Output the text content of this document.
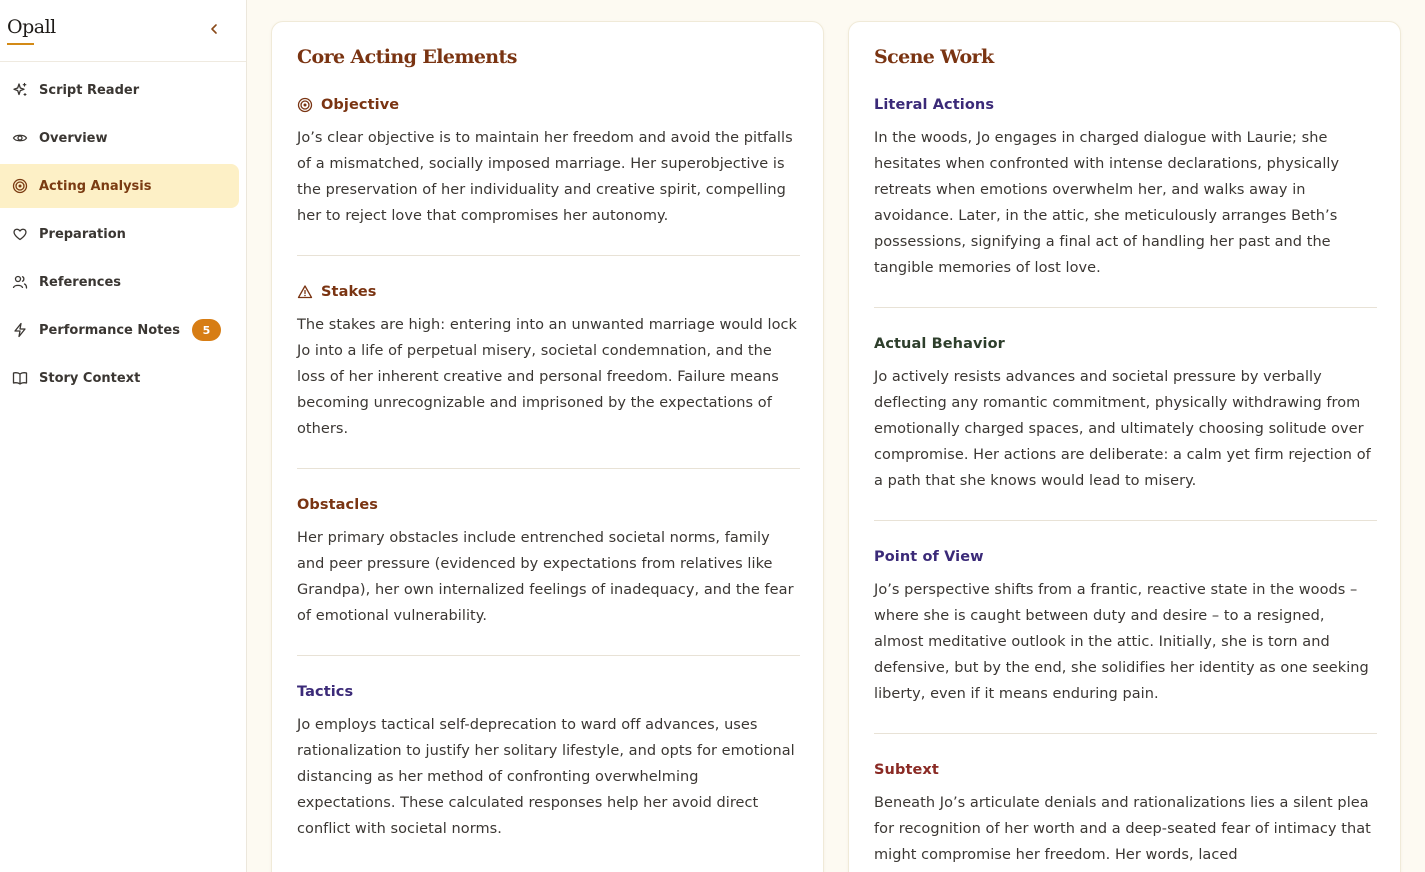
Opall
Script Reader
Overview
Acting Analysis
Preparation
References
Performance Notes	5
Story Context
Core Acting Elements
Objective

Jo’s clear objective is to maintain her freedom and avoid the pitfalls of a mismatched, socially imposed marriage. Her superobjective is the preservation of her individuality and creative spirit, compelling her to reject love that compromises her autonomy.

Stakes

The stakes are high: entering into an unwanted marriage would lock Jo into a life of perpetual misery, societal condemnation, and the loss of her inherent creative and personal freedom. Failure means becoming unrecognizable and imprisoned by the expectations of others.

Obstacles

Her primary obstacles include entrenched societal norms, family and peer pressure (evidenced by expectations from relatives like Grandpa), her own internalized feelings of inadequacy, and the fear of emotional vulnerability.

Tactics

Jo employs tactical self-deprecation to ward off advances, uses rationalization to justify her solitary lifestyle, and opts for emotional distancing as her method of confronting overwhelming expectations. These calculated responses help her avoid direct conflict with societal norms.

Scene Work
Literal Actions

In the woods, Jo engages in charged dialogue with Laurie; she hesitates when confronted with intense declarations, physically retreats when emotions overwhelm her, and walks away in avoidance. Later, in the attic, she meticulously arranges Beth’s possessions, signifying a final act of handling her past and the tangible memories of lost love.

Actual Behavior

Jo actively resists advances and societal pressure by verbally deflecting any romantic commitment, physically withdrawing from emotionally charged spaces, and ultimately choosing solitude over compromise. Her actions are deliberate: a calm yet firm rejection of a path that she knows would lead to misery.

Point of View

Jo’s perspective shifts from a frantic, reactive state in the woods – where she is caught between duty and desire – to a resigned, almost meditative outlook in the attic. Initially, she is torn and defensive, but by the end, she solidifies her identity as one seeking liberty, even if it means enduring pain.

Subtext

Beneath Jo’s articulate denials and rationalizations lies a silent plea for recognition of her worth and a deep-seated fear of intimacy that might compromise her freedom. Her words, laced
